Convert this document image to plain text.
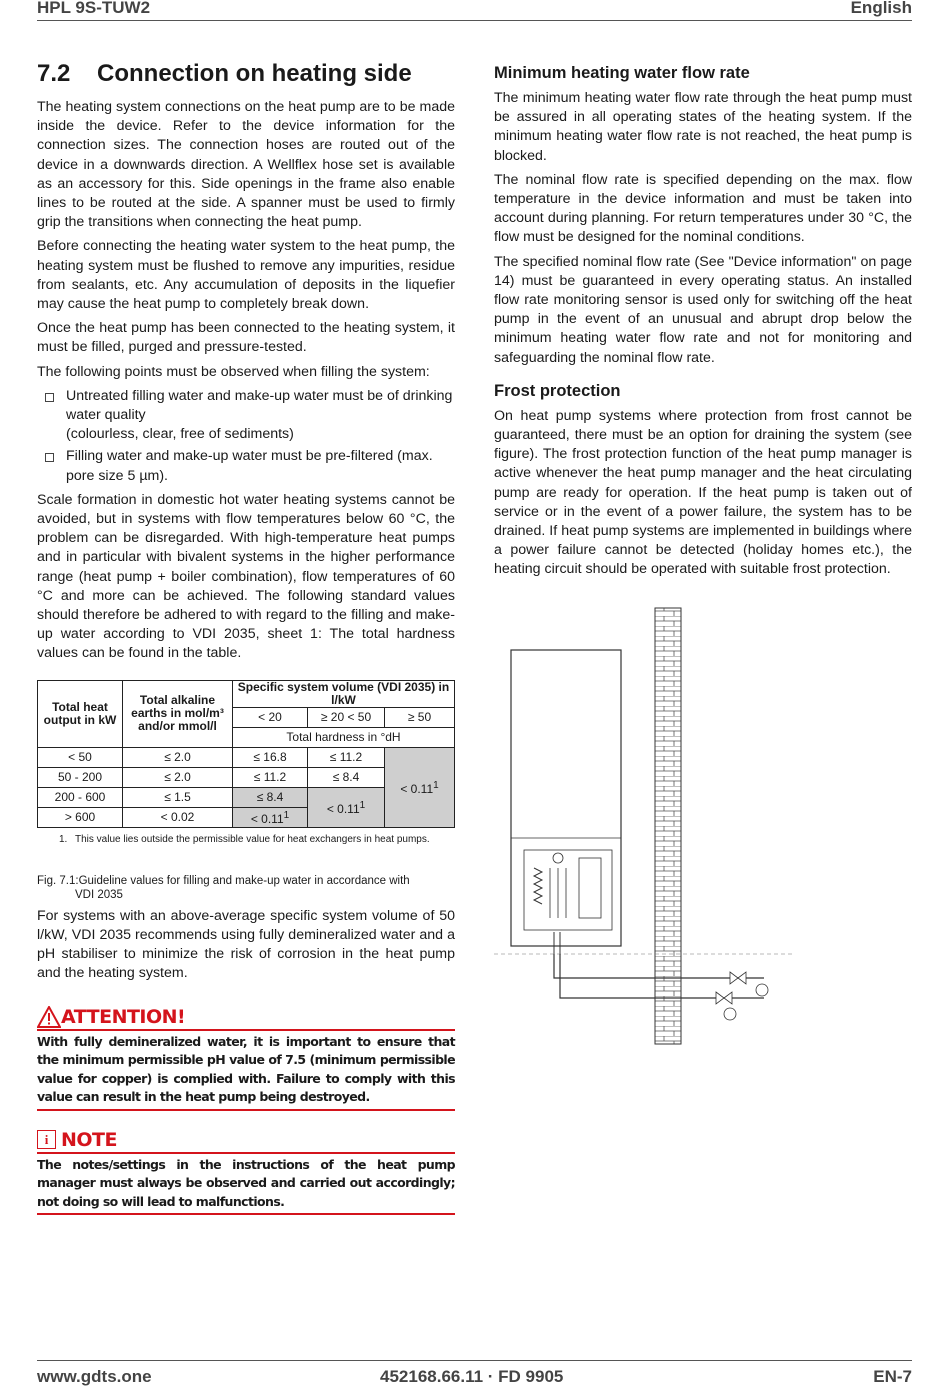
HPL 9S-TUW2	English
7.2 Connection on heating side

The heating system connections on the heat pump are to be made inside the device. Refer to the device information for the connection sizes. The connection hoses are routed out of the device in a downwards direction. A Wellflex hose set is available as an accessory for this. Side openings in the frame also enable lines to be routed at the side. A spanner must be used to firmly grip the transitions when connecting the heat pump.

Before connecting the heating water system to the heat pump, the heating system must be flushed to remove any impurities, residue from sealants, etc. Any accumulation of deposits in the liquefier may cause the heat pump to completely break down.

Once the heat pump has been connected to the heating system, it must be filled, purged and pressure-tested.

The following points must be observed when filling the system:

Untreated filling water and make-up water must be of drinking water quality
(colourless, clear, free of sediments)
Filling water and make-up water must be pre-filtered (max. pore size 5 µm).

Scale formation in domestic hot water heating systems cannot be avoided, but in systems with flow temperatures below 60 °C, the problem can be disregarded. With high-temperature heat pumps and in particular with bivalent systems in the higher performance range (heat pump + boiler combination), flow temperatures of 60 °C and more can be achieved. The following standard values should therefore be adhered to with regard to the filling and make-up water according to VDI 2035, sheet 1: The total hardness values can be found in the table.

Total heat output in kW	Total alkaline earths in mol/m³ and/or mmol/l	Specific system volume (VDI 2035) in l/kW		
		< 20	≥ 20 < 50	≥ 50
		Total hardness in °dH		
< 50	≤ 2.0	≤ 16.8	≤ 11.2	< $0.11^1$
50 - 200	≤ 2.0	≤ 11.2	≤ 8.4	
200 - 600	≤ 1.5	≤ 8.4	< $0.11^1$
> 600	< 0.02	< $0.11^1$
1. This value lies outside the permissible value for heat exchangers in heat pumps.
Fig. 7.1:Guideline values for filling and make-up water in accordance with
VDI 2035

For systems with an above-average specific system volume of 50 l/kW, VDI 2035 recommends using fully demineralized water and a pH stabiliser to minimize the risk of corrosion in the heat pump and the heating system.

ATTENTION!
With fully demineralized water, it is important to ensure that the minimum permissible pH value of 7.5 (minimum permissible value for copper) is complied with. Failure to comply with this value can result in the heat pump being destroyed.
i NOTE
The notes/settings in the instructions of the heat pump manager must always be observed and carried out accordingly; not doing so will lead to malfunctions.
Minimum heating water flow rate

The minimum heating water flow rate through the heat pump must be assured in all operating states of the heating system. If the minimum heating water flow rate is not reached, the heat pump is blocked.

The nominal flow rate is specified depending on the max. flow temperature in the device information and must be taken into account during planning. For return temperatures under 30 °C, the flow must be designed for the nominal conditions.

The specified nominal flow rate (See "Device information" on page 14) must be guaranteed in every operating status. An installed flow rate monitoring sensor is used only for switching off the heat pump in the event of an unusual and abrupt drop below the minimum heating water flow rate and not for monitoring and safeguarding the nominal flow rate.

Frost protection

On heat pump systems where protection from frost cannot be guaranteed, there must be an option for draining the system (see figure). The frost protection function of the heat pump manager is active whenever the heat pump manager and the heat circulating pump are ready for operation. If the heat pump is taken out of service or in the event of a power failure, the system has to be drained. If heat pump systems are implemented in buildings where a power failure cannot be detected (holiday homes etc.), the heating circuit should be operated with suitable frost protection.

www.gdts.one	452168.66.11 · FD 9905	EN-7
